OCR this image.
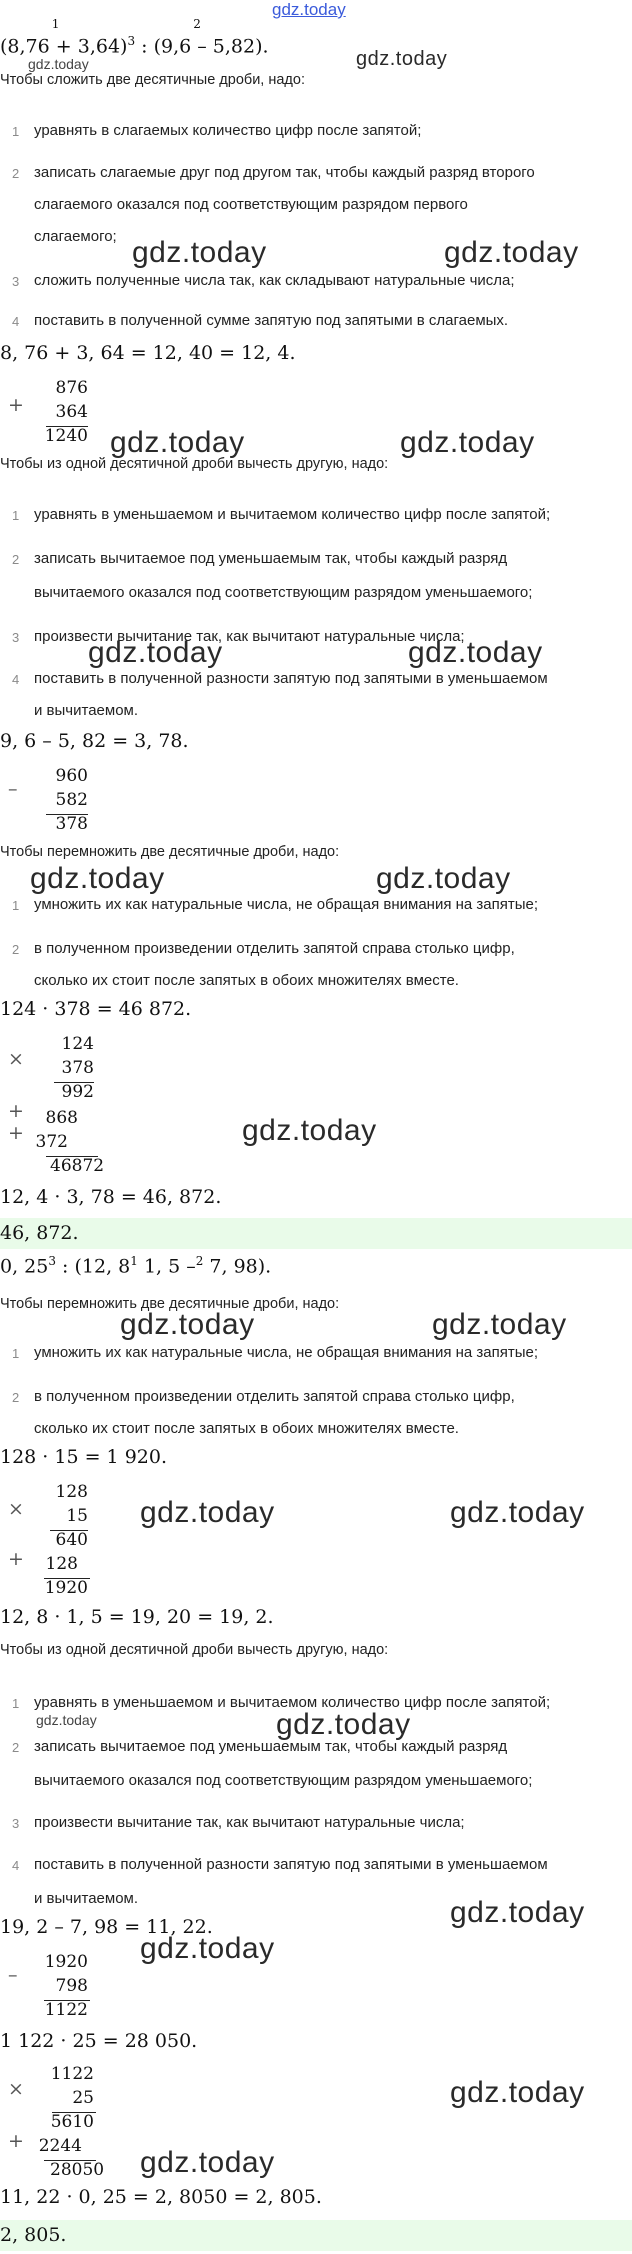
gdz.today
(8,76
1
+ 3,64)$^3$ : (9,6
2
– 5,82).
gdz.today	gdz.today
Чтобы сложить две десятичные дроби, надо:
1 уравнять в слагаемых количество цифр после запятой;
2 записать слагаемые друг под другом так, чтобы каждый разряд второго
слагаемого оказался под соответствующим разрядом первого
слагаемого; gdz.today	gdz.today
3 сложить полученные числа так, как складывают натуральные числа;
4 поставить в полученной сумме запятую под запятыми в слагаемых.
8, 76 + 3, 64 = 12, 40 = 12, 4.
+
876
364
1240 gdz.today	gdz.today
Чтобы из одной десятичной дроби вычесть другую, надо:
1 уравнять в уменьшаемом и вычитаемом количество цифр после запятой;
2 записать вычитаемое под уменьшаемым так, чтобы каждый разряд
вычитаемого оказался под соответствующим разрядом уменьшаемого;
3 произвести вычитание так, как вычитают натуральные числа;
gdz.today	gdz.today
4 поставить в полученной разности запятую под запятыми в уменьшаемом
и вычитаемом.
9, 6 – 5, 82 = 3, 78.
–
960
582
378
Чтобы перемножить две десятичные дроби, надо:
gdz.today	gdz.today
1 умножить их как натуральные числа, не обращая внимания на запятые;
2 в полученном произведении отделить запятой справа столько цифр,
сколько их стоит после запятых в обоих множителях вместе.
124 · 378 = 46 872.
×
124
378
992
+
+
868
372
46872
gdz.today
12, 4 · 3, 78 = 46, 872.
46, 872.
0, $25^3$ : (12, $8^1$ 1, 5 –$^2$ 7, 98).
Чтобы перемножить две десятичные дроби, надо:
gdz.today	gdz.today
1 умножить их как натуральные числа, не обращая внимания на запятые;
2 в полученном произведении отделить запятой справа столько цифр,
сколько их стоит после запятых в обоих множителях вместе.
128 · 15 = 1 920.
×
128
15
640
+	128
1920
gdz.today	gdz.today
12, 8 · 1, 5 = 19, 20 = 19, 2.
Чтобы из одной десятичной дроби вычесть другую, надо:
1 уравнять в уменьшаемом и вычитаемом количество цифр после запятой;
gdz.today	gdz.today
2 записать вычитаемое под уменьшаемым так, чтобы каждый разряд
вычитаемого оказался под соответствующим разрядом уменьшаемого;
3 произвести вычитание так, как вычитают натуральные числа;
4 поставить в полученной разности запятую под запятыми в уменьшаемом
и вычитаемом.	gdz.today
19, 2 – 7, 98 = 11, 22.
–
1920
798
1122
gdz.today
1 122 · 25 = 28 050.
×
1122
25
5610
+ 2244
28050
gdz.today
gdz.today
11, 22 · 0, 25 = 2, 8050 = 2, 805.
2, 805.
